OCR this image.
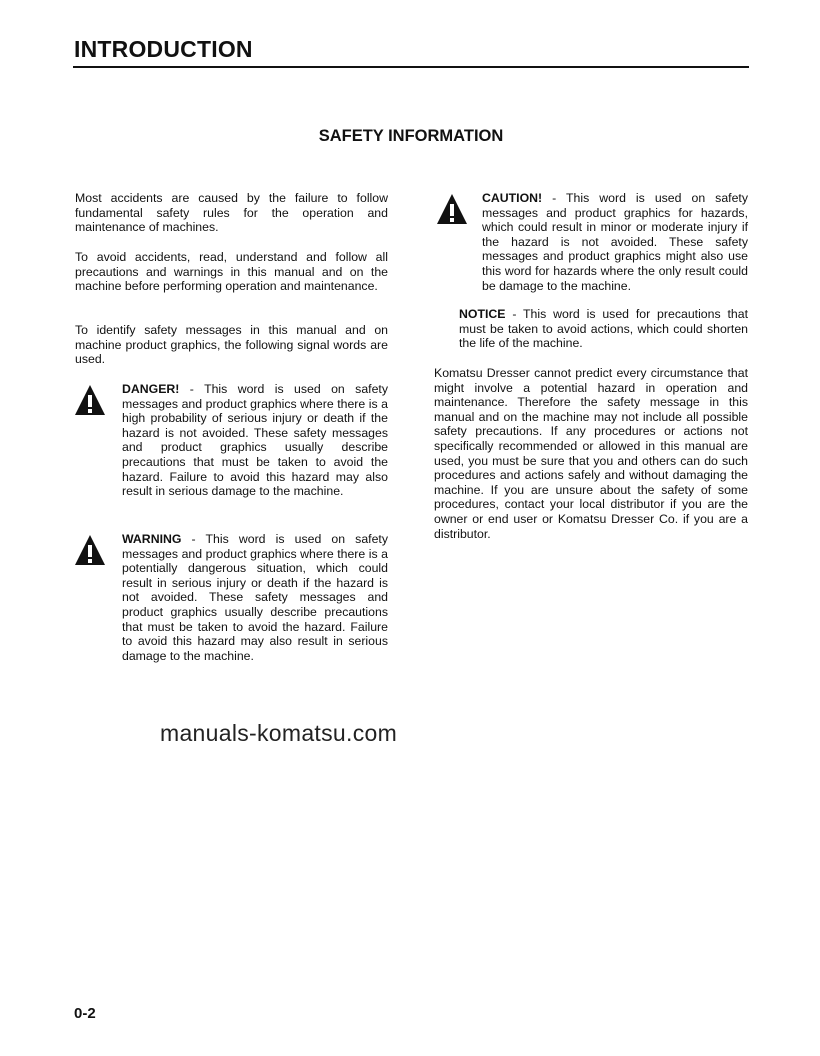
INTRODUCTION
SAFETY INFORMATION

Most accidents are caused by the failure to follow fundamental safety rules for the operation and maintenance of machines.

To avoid accidents, read, understand and follow all precautions and warnings in this manual and on the machine before performing operation and maintenance.

To identify safety messages in this manual and on machine product graphics, the following signal words are used.

DANGER! - This word is used on safety messages and product graphics where there is a high probability of serious injury or death if the hazard is not avoided. These safety messages and product graphics usually describe precautions that must be taken to avoid the hazard. Failure to avoid this hazard may also result in serious damage to the machine.

WARNING - This word is used on safety messages and product graphics where there is a potentially dangerous situation, which could result in serious injury or death if the hazard is not avoided. These safety messages and product graphics usually describe precautions that must be taken to avoid the hazard. Failure to avoid this hazard may also result in serious damage to the machine.

CAUTION! - This word is used on safety messages and product graphics for hazards, which could result in minor or moderate injury if the hazard is not avoided. These safety messages and product graphics might also use this word for hazards where the only result could be damage to the machine.

NOTICE - This word is used for precautions that must be taken to avoid actions, which could shorten the life of the machine.

Komatsu Dresser cannot predict every circumstance that might involve a potential hazard in operation and maintenance. Therefore the safety message in this manual and on the machine may not include all possible safety precautions. If any procedures or actions not specifically recommended or allowed in this manual are used, you must be sure that you and others can do such procedures and actions safely and without damaging the machine. If you are unsure about the safety of some procedures, contact your local distributor if you are the owner or end user or Komatsu Dresser Co. if you are a distributor.

manuals-komatsu.com
0-2
